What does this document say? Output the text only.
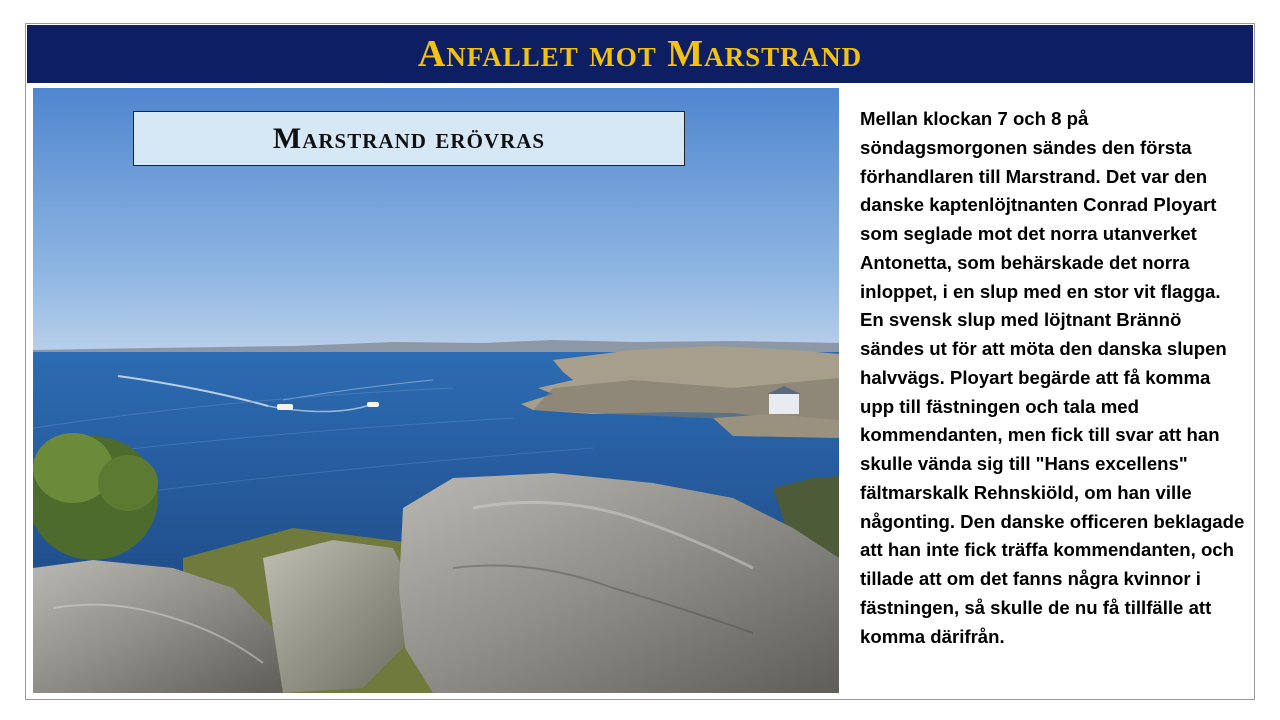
Anfallet mot Marstrand
Marstrand erövras

Mellan klockan 7 och 8 på söndagsmorgonen sändes den första förhandlaren till Marstrand. Det var den danske kaptenlöjtnanten Conrad Ployart som seglade mot det norra utanverket Antonetta, som behärskade det norra inloppet, i en slup med en stor vit flagga. En svensk slup med löjtnant Brännö sändes ut för att möta den danska slupen halvvägs. Ployart begärde att få komma upp till fästningen och tala med kommendanten, men fick till svar att han skulle vända sig till "Hans excellens" fältmarskalk Rehnskiöld, om han ville någonting. Den danske officeren beklagade att han inte fick träffa kommendanten, och tillade att om det fanns några kvinnor i fästningen, så skulle de nu få tillfälle att komma därifrån.
